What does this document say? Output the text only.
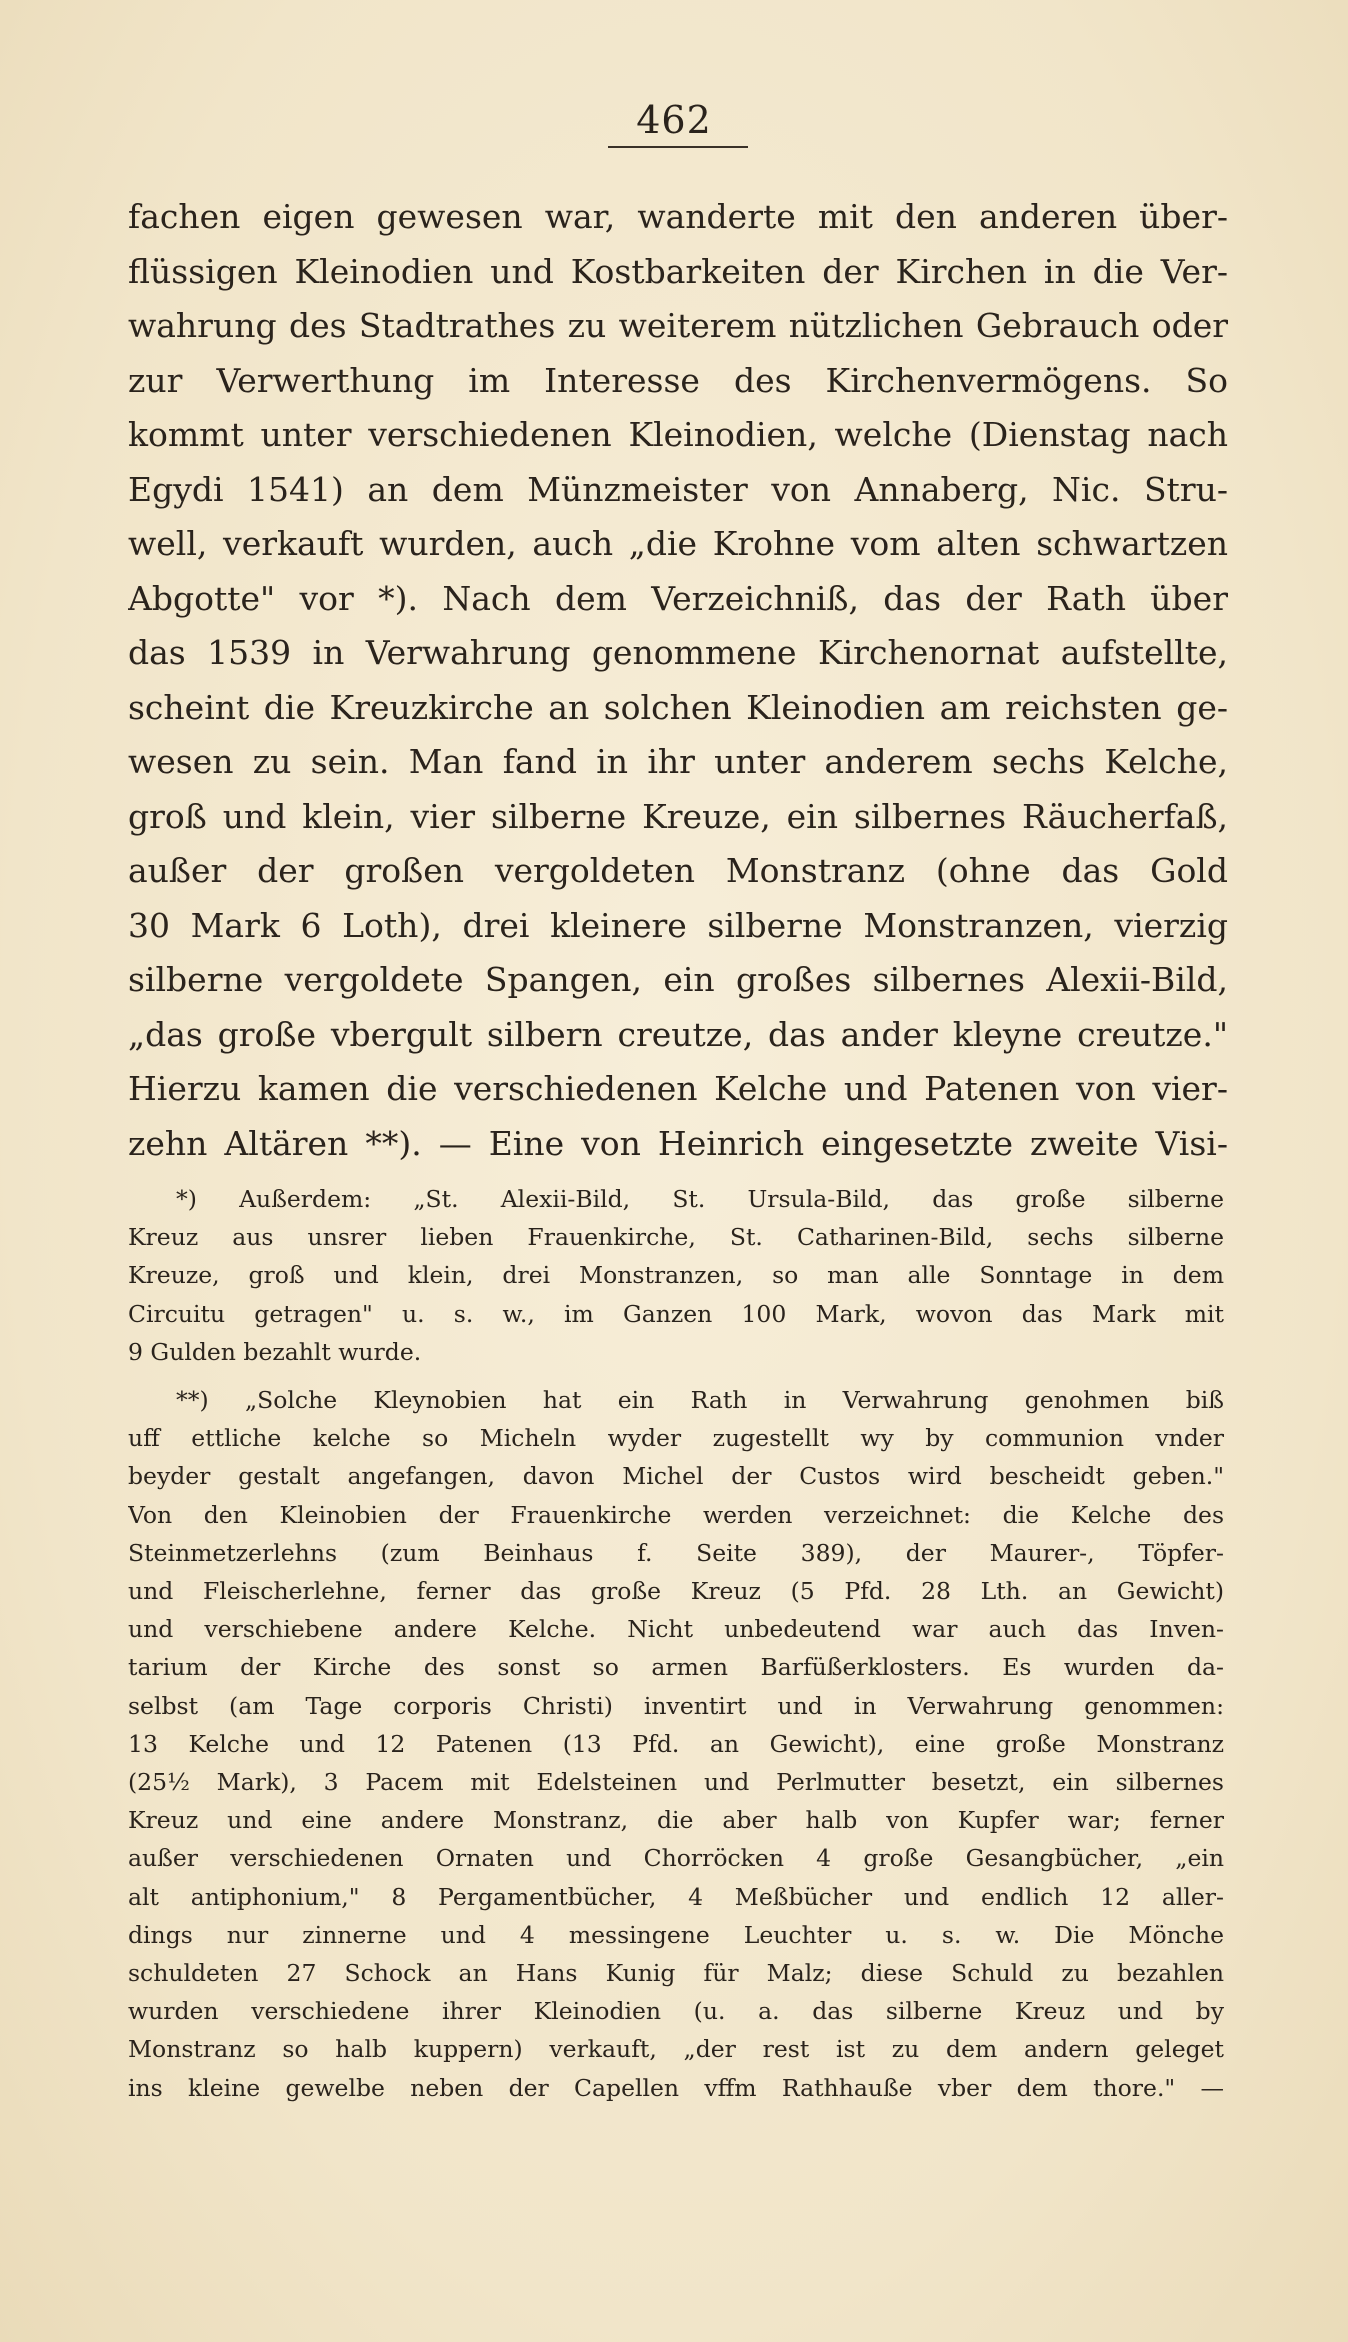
462
fachen eigen gewesen war, wanderte mit den anderen über-
flüssigen Kleinodien und Kostbarkeiten der Kirchen in die Ver-
wahrung des Stadtrathes zu weiterem nützlichen Gebrauch oder
zur Verwerthung im Interesse des Kirchenvermögens. So
kommt unter verschiedenen Kleinodien, welche (Dienstag nach
Egydi 1541) an dem Münzmeister von Annaberg, Nic. Stru-
well, verkauft wurden, auch „die Krohne vom alten schwartzen
Abgotte" vor *). Nach dem Verzeichniß, das der Rath über
das 1539 in Verwahrung genommene Kirchenornat aufstellte,
scheint die Kreuzkirche an solchen Kleinodien am reichsten ge-
wesen zu sein. Man fand in ihr unter anderem sechs Kelche,
groß und klein, vier silberne Kreuze, ein silbernes Räucherfaß,
außer der großen vergoldeten Monstranz (ohne das Gold
30 Mark 6 Loth), drei kleinere silberne Monstranzen, vierzig
silberne vergoldete Spangen, ein großes silbernes Alexii-Bild,
„das große vbergult silbern creutze, das ander kleyne creutze."
Hierzu kamen die verschiedenen Kelche und Patenen von vier-
zehn Altären **). — Eine von Heinrich eingesetzte zweite Visi-
*) Außerdem: „St. Alexii-Bild, St. Ursula-Bild, das große silberne
Kreuz aus unsrer lieben Frauenkirche, St. Catharinen-Bild, sechs silberne
Kreuze, groß und klein, drei Monstranzen, so man alle Sonntage in dem
Circuitu getragen" u. s. w., im Ganzen 100 Mark, wovon das Mark mit
9 Gulden bezahlt wurde.
**) „Solche Kleynobien hat ein Rath in Verwahrung genohmen biß
uff ettliche kelche so Micheln wyder zugestellt wy by communion vnder
beyder gestalt angefangen, davon Michel der Custos wird bescheidt geben."
Von den Kleinobien der Frauenkirche werden verzeichnet: die Kelche des
Steinmetzerlehns (zum Beinhaus f. Seite 389), der Maurer-, Töpfer-
und Fleischerlehne, ferner das große Kreuz (5 Pfd. 28 Lth. an Gewicht)
und verschiebene andere Kelche. Nicht unbedeutend war auch das Inven-
tarium der Kirche des sonst so armen Barfüßerklosters. Es wurden da-
selbst (am Tage corporis Christi) inventirt und in Verwahrung genommen:
13 Kelche und 12 Patenen (13 Pfd. an Gewicht), eine große Monstranz
(25½ Mark), 3 Pacem mit Edelsteinen und Perlmutter besetzt, ein silbernes
Kreuz und eine andere Monstranz, die aber halb von Kupfer war; ferner
außer verschiedenen Ornaten und Chorröcken 4 große Gesangbücher, „ein
alt antiphonium," 8 Pergamentbücher, 4 Meßbücher und endlich 12 aller-
dings nur zinnerne und 4 messingene Leuchter u. s. w. Die Mönche
schuldeten 27 Schock an Hans Kunig für Malz; diese Schuld zu bezahlen
wurden verschiedene ihrer Kleinodien (u. a. das silberne Kreuz und by
Monstranz so halb kuppern) verkauft, „der rest ist zu dem andern geleget
ins kleine gewelbe neben der Capellen vffm Rathhauße vber dem thore." —
